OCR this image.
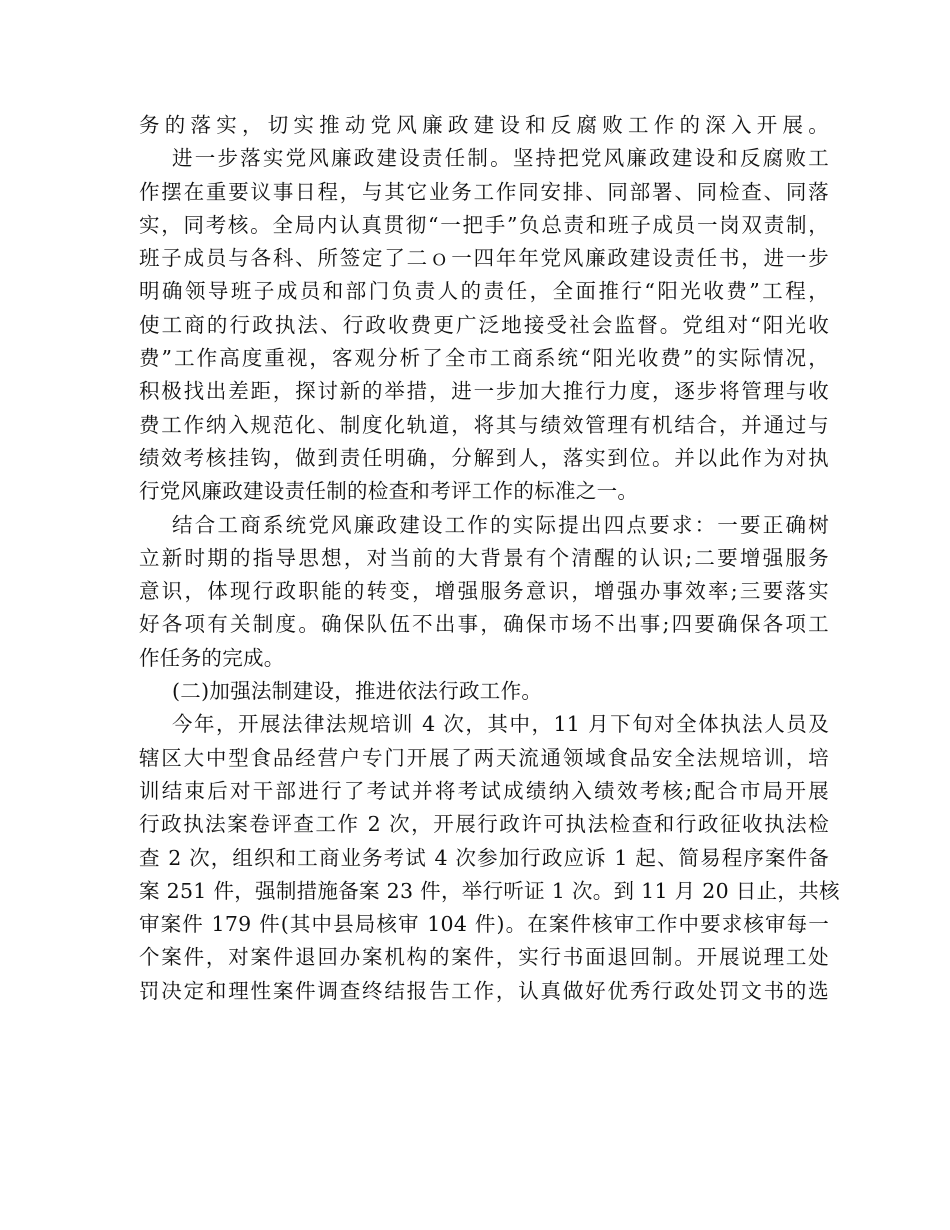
务的落实，切实推动党风廉政建设和反腐败工作的深入开展。
进一步落实党风廉政建设责任制。坚持把党风廉政建设和反腐败工
作摆在重要议事日程，与其它业务工作同安排、同部署、同检查、同落
实，同考核。全局内认真贯彻“一把手”负总责和班子成员一岗双责制，
班子成员与各科、所签定了二ｏ一四年年党风廉政建设责任书，进一步
明确领导班子成员和部门负责人的责任，全面推行“阳光收费”工程，
使工商的行政执法、行政收费更广泛地接受社会监督。党组对“阳光收
费”工作高度重视，客观分析了全市工商系统“阳光收费”的实际情况，
积极找出差距，探讨新的举措，进一步加大推行力度，逐步将管理与收
费工作纳入规范化、制度化轨道，将其与绩效管理有机结合，并通过与
绩效考核挂钩，做到责任明确，分解到人，落实到位。并以此作为对执
行党风廉政建设责任制的检查和考评工作的标准之一。
结合工商系统党风廉政建设工作的实际提出四点要求：一要正确树
立新时期的指导思想，对当前的大背景有个清醒的认识;二要增强服务
意识，体现行政职能的转变，增强服务意识，增强办事效率;三要落实
好各项有关制度。确保队伍不出事，确保市场不出事;四要确保各项工
作任务的完成。
(二)加强法制建设，推进依法行政工作。
今年，开展法律法规培训 4 次，其中，11 月下旬对全体执法人员及
辖区大中型食品经营户专门开展了两天流通领域食品安全法规培训，培
训结束后对干部进行了考试并将考试成绩纳入绩效考核;配合市局开展
行政执法案卷评查工作 2 次，开展行政许可执法检查和行政征收执法检
查 2 次，组织和工商业务考试 4 次参加行政应诉 1 起、简易程序案件备
案 251 件，强制措施备案 23 件，举行听证 1 次。到 11 月 20 日止，共核
审案件 179 件(其中县局核审 104 件)。在案件核审工作中要求核审每一
个案件，对案件退回办案机构的案件，实行书面退回制。开展说理工处
罚决定和理性案件调查终结报告工作，认真做好优秀行政处罚文书的选
